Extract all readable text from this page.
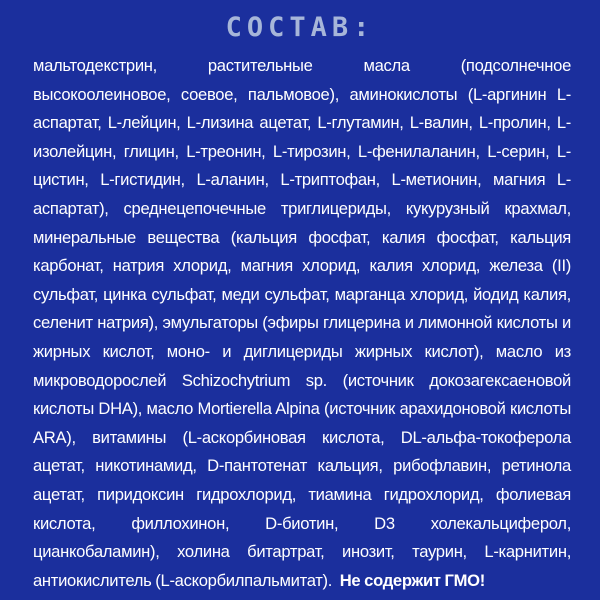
СОСТАВ:
мальтодекстрин, растительные масла (подсолнечное высокоолеиновое, соевое, пальмовое), аминокислоты (L-аргинин L-аспартат, L-лейцин, L-лизина ацетат, L-глутамин, L-валин, L-пролин, L-изолейцин, глицин, L-треонин, L-тирозин, L-фенилаланин, L-серин, L-цистин, L-гистидин, L-аланин, L-триптофан, L-метионин, магния L-аспартат), среднецепочечные триглицериды, кукурузный крахмал, минеральные вещества (кальция фосфат, калия фосфат, кальция карбонат, натрия хлорид, магния хлорид, калия хлорид, железа (II) сульфат, цинка сульфат, меди сульфат, марганца хлорид, йодид калия, селенит натрия), эмульгаторы (эфиры глицерина и лимонной кислоты и жирных кислот, моно- и диглицериды жирных кислот), масло из микроводорослей Schizochytrium sp. (источник докозагексаеновой кислоты DHA), масло Mortierella Alpina (источник арахидоновой кислоты ARA), витамины (L-аскорбиновая кислота, DL-альфа-токоферола ацетат, никотинамид, D-пантотенат кальция, рибофлавин, ретинола ацетат, пиридоксин гидрохлорид, тиамина гидрохлорид, фолиевая кислота, филлохинон, D-биотин, D3 холекальциферол, цианкобаламин), холина битартрат, инозит, таурин, L-карнитин, антиокислитель (L-аскорбилпальмитат). Не содержит ГМО!
